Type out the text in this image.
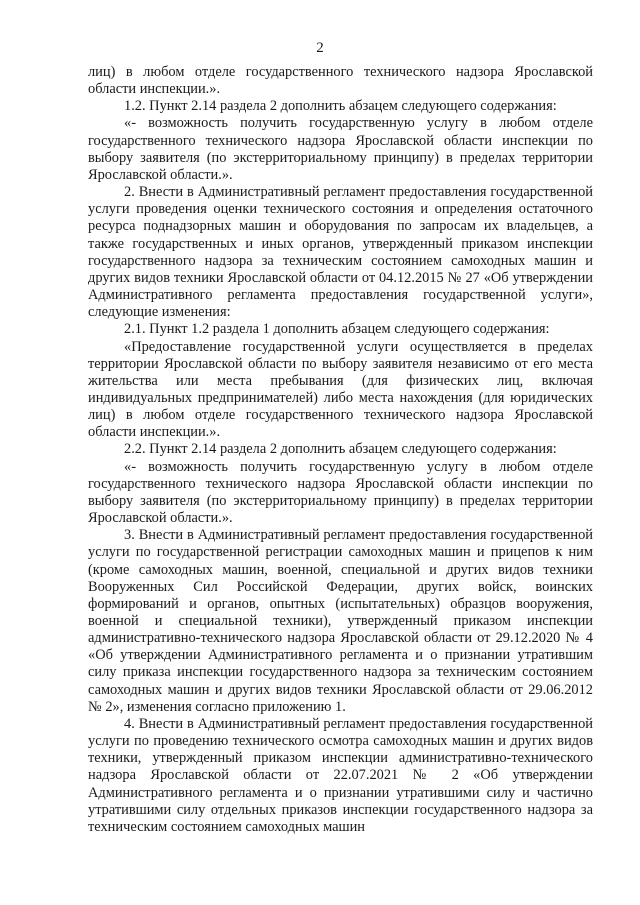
2

лиц) в любом отделе государственного технического надзора Ярославской области инспекции.».

1.2. Пункт 2.14 раздела 2 дополнить абзацем следующего содержания:

«- возможность получить государственную услугу в любом отделе государственного технического надзора Ярославской области инспекции по выбору заявителя (по экстерриториальному принципу) в пределах территории Ярославской области.».

2. Внести в Административный регламент предоставления государственной услуги проведения оценки технического состояния и определения остаточного ресурса поднадзорных машин и оборудования по запросам их владельцев, а также государственных и иных органов, утвержденный приказом инспекции государственного надзора за техническим состоянием самоходных машин и других видов техники Ярославской области от 04.12.2015 № 27 «Об утверждении Административного регламента предоставления государственной услуги», следующие изменения:

2.1. Пункт 1.2 раздела 1 дополнить абзацем следующего содержания:

«Предоставление государственной услуги осуществляется в пределах территории Ярославской области по выбору заявителя независимо от его места жительства или места пребывания (для физических лиц, включая индивидуальных предпринимателей) либо места нахождения (для юридических лиц) в любом отделе государственного технического надзора Ярославской области инспекции.».

2.2. Пункт 2.14 раздела 2 дополнить абзацем следующего содержания:

«- возможность получить государственную услугу в любом отделе государственного технического надзора Ярославской области инспекции по выбору заявителя (по экстерриториальному принципу) в пределах территории Ярославской области.».

3. Внести в Административный регламент предоставления государственной услуги по государственной регистрации самоходных машин и прицепов к ним (кроме самоходных машин, военной, специальной и других видов техники Вооруженных Сил Российской Федерации, других войск, воинских формирований и органов, опытных (испытательных) образцов вооружения, военной и специальной техники), утвержденный приказом инспекции административно-технического надзора Ярославской области от 29.12.2020 № 4 «Об утверждении Административного регламента и о признании утратившим силу приказа инспекции государственного надзора за техническим состоянием самоходных машин и других видов техники Ярославской области от 29.06.2012 № 2», изменения согласно приложению 1.

4. Внести в Административный регламент предоставления государственной услуги по проведению технического осмотра самоходных машин и других видов техники, утвержденный приказом инспекции административно-технического надзора Ярославской области от 22.07.2021 № 2 «Об утверждении Административного регламента и о признании утратившими силу и частично утратившими силу отдельных приказов инспекции государственного надзора за техническим состоянием самоходных машин
